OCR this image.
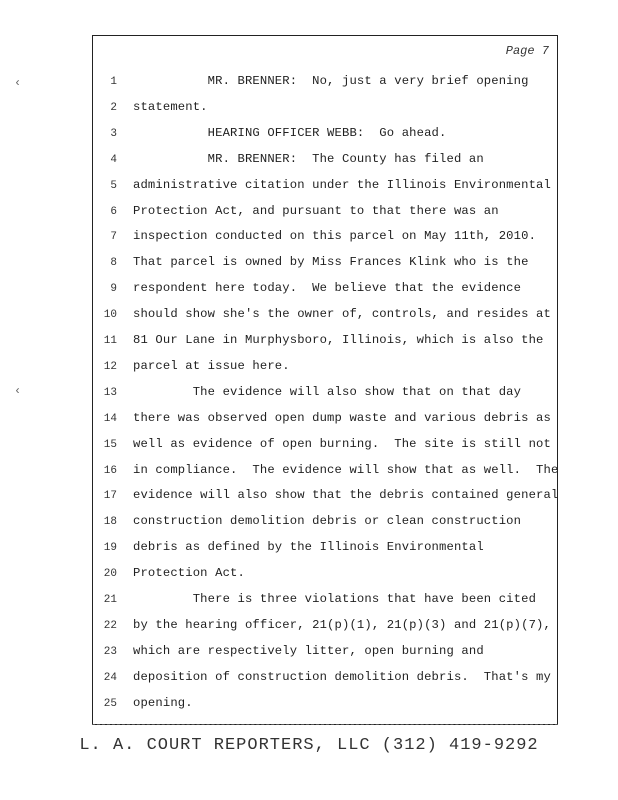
Page 7
1 MR. BRENNER:  No, just a very brief opening
2 statement.
3 HEARING OFFICER WEBB:  Go ahead.
4 MR. BRENNER:  The County has filed an
5 administrative citation under the Illinois Environmental
6 Protection Act, and pursuant to that there was an
7 inspection conducted on this parcel on May 11th, 2010.
8 That parcel is owned by Miss Frances Klink who is the
9 respondent here today.  We believe that the evidence
10 should show she's the owner of, controls, and resides at
11 81 Our Lane in Murphysboro, Illinois, which is also the
12 parcel at issue here.
13 The evidence will also show that on that day
14 there was observed open dump waste and various debris as
15 well as evidence of open burning.  The site is still not
16 in compliance.  The evidence will show that as well.  The
17 evidence will also show that the debris contained general
18 construction demolition debris or clean construction
19 debris as defined by the Illinois Environmental
20 Protection Act.
21 There is three violations that have been cited
22 by the hearing officer, 21(p)(1), 21(p)(3) and 21(p)(7),
23 which are respectively litter, open burning and
24 deposition of construction demolition debris.  That's my
25 opening.
‹
‹
L. A. COURT REPORTERS, LLC (312) 419-9292
